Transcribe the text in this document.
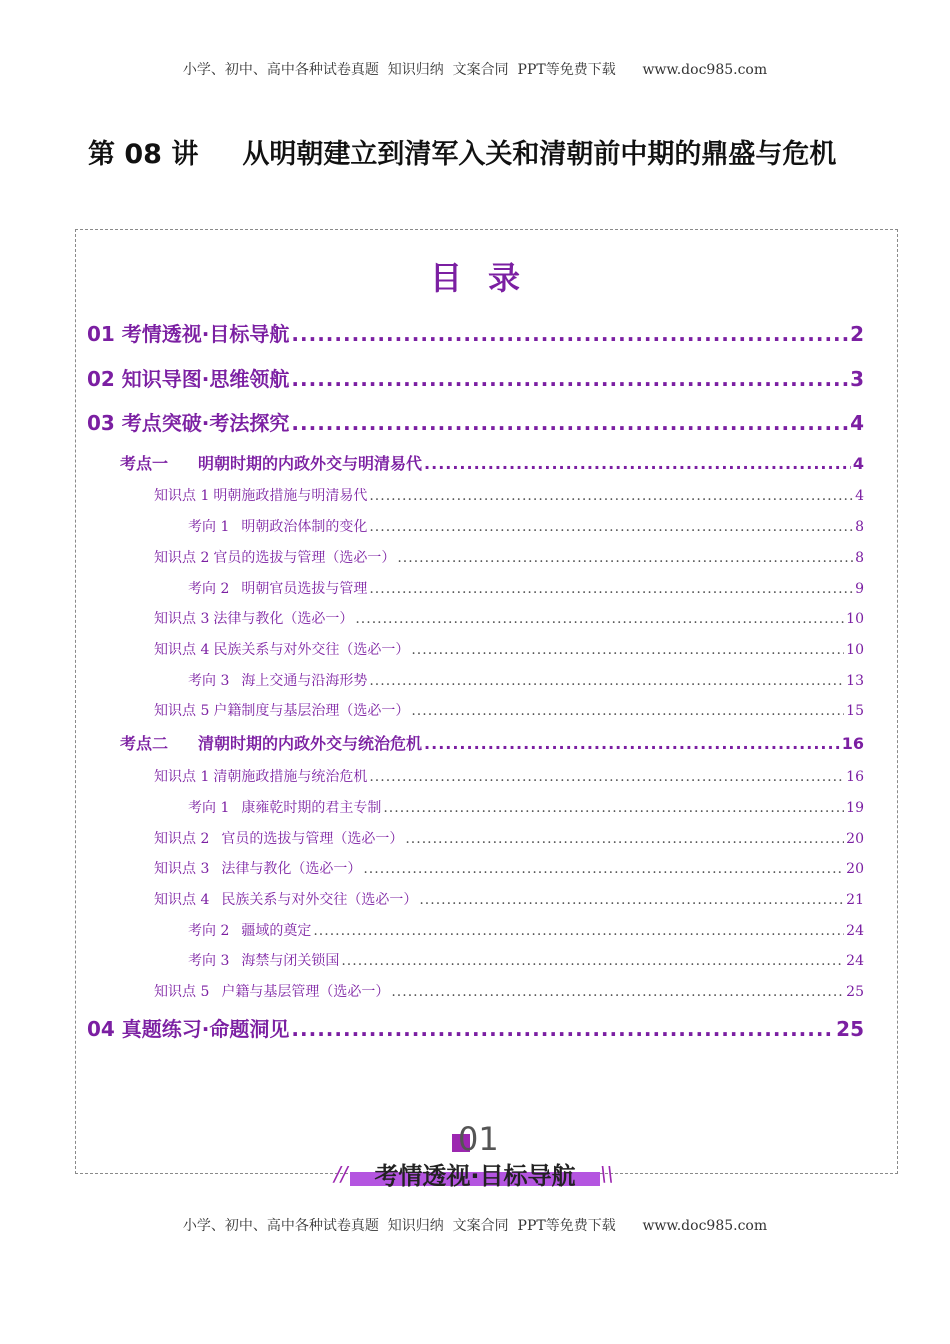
小学、初中、高中各种试卷真题  知识归纳  文案合同  PPT等免费下载      www.doc985.com
第 08 讲 从明朝建立到清军入关和清朝前中期的鼎盛与危机
目录
01 考情透视·目标导航 .....	2
02 知识导图·思维领航 .....	3
03 考点突破·考法探究 .....	4
考点一 明朝时期的内政外交与明清易代 .....	4
知识点 1 明朝施政措施与明清易代 .....	4
考向 1 明朝政治体制的变化 .....	8
知识点 2 官员的选拔与管理（选必一） .....	8
考向 2 明朝官员选拔与管理 .....	9
知识点 3 法律与教化（选必一） .....	10
知识点 4 民族关系与对外交往（选必一） .....	10
考向 3 海上交通与沿海形势 .....	13
知识点 5 户籍制度与基层治理（选必一） .....	15
考点二 清朝时期的内政外交与统治危机 .....	16
知识点 1 清朝施政措施与统治危机 .....	16
考向 1 康雍乾时期的君主专制 .....	19
知识点 2 官员的选拔与管理（选必一） .....	20
知识点 3 法律与教化（选必一） .....	20
知识点 4 民族关系与对外交往（选必一） .....	21
考向 2 疆域的奠定 .....	24
考向 3 海禁与闭关锁国 .....	24
知识点 5 户籍与基层管理（选必一） .....	25
04 真题练习·命题洞见 .....	25
01
//	考情透视·目标导航	\\
小学、初中、高中各种试卷真题  知识归纳  文案合同  PPT等免费下载      www.doc985.com
